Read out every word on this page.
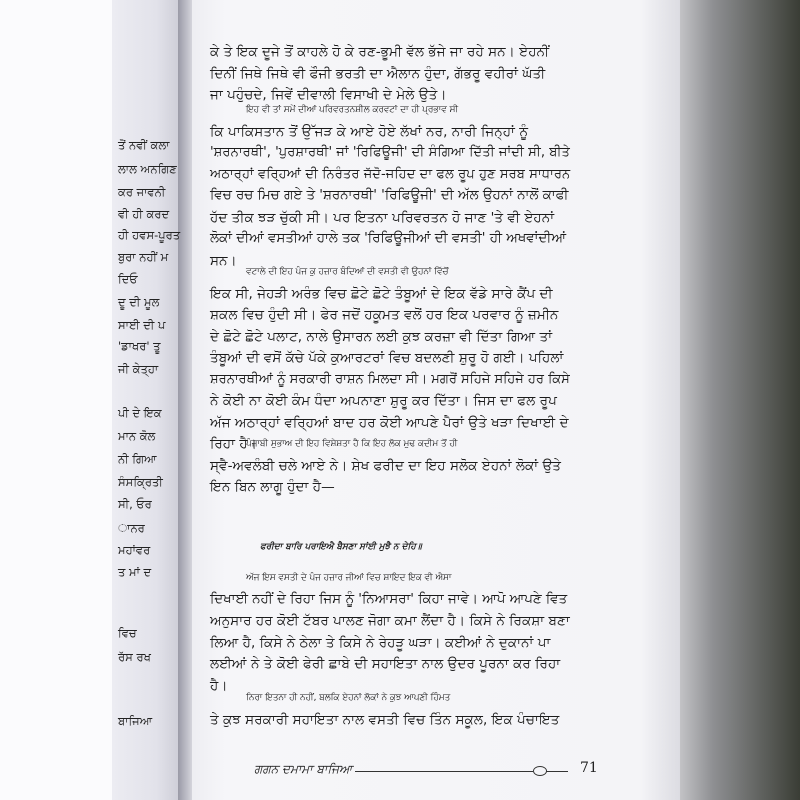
ਤੋਂ ਨਵੀਂ ਕਲਾ
ਲਾਲ ਅਨਗਿਣ
ਕਰ ਜਾਵਨੀ
ਵੀ ਹੀ ਕਰਦ
ਹੀ ਹਵਸ-ਪੂਰਤ
ਬੁਰਾ ਨਹੀਂ ਮ
ਦਿਓ
ਦੂ ਦੀ ਮੂਲ
ਸਾਈ ਦੀ ਪ
'ਡਾਖਰ' ਤੂ
ਜੀ ਕੇਤ੍ਹਾ
ਪੀ ਦੇ ਇਕ
ਮਾਨ ਕੋਲ
ਨੀ ਗਿਆ
ਸੰਸਕ੍ਰਿਤੀ
ਸੀ, ਓਰ
ਾਨਰ
ਮਹਾਂਵਰ
ਤ ਮਾਂ ਦ
ਵਿਚ
ਰੱਸ ਰਖ
ਬਾਜਿਆ
ਕੇ ਤੇ ਇਕ ਦੂਜੇ ਤੋਂ ਕਾਹਲੇ ਹੋ ਕੇ ਰਣ-ਭੂਮੀ ਵੱਲ ਭੱਜੇ ਜਾ ਰਹੇ ਸਨ। ਏਹਨੀਂ
ਦਿਨੀਂ ਜਿਥੇ ਜਿਥੇ ਵੀ ਫੌਜੀ ਭਰਤੀ ਦਾ ਐਲਾਨ ਹੁੰਦਾ, ਗੱਭਰੂ ਵਹੀਰਾਂ ਘੱਤੀ
ਜਾ ਪਹੁੰਚਦੇ, ਜਿਵੇਂ ਦੀਵਾਲੀ ਵਿਸਾਖੀ ਦੇ ਮੇਲੇ ਉਤੇ।
ਇਹ ਵੀ ਤਾਂ ਸਮੇਂ ਦੀਆਂ ਪਰਿਵਰਤਨਸ਼ੀਲ ਕਰਵਟਾਂ ਦਾ ਹੀ ਪ੍ਰਭਾਵ ਸੀ
ਕਿ ਪਾਕਿਸਤਾਨ ਤੋਂ ਉੱਜੜ ਕੇ ਆਏ ਹੋਏ ਲੱਖਾਂ ਨਰ, ਨਾਰੀ ਜਿਨ੍ਹਾਂ ਨੂੰ
'ਸ਼ਰਨਾਰਥੀ', 'ਪੁਰਸ਼ਾਰਥੀ' ਜਾਂ 'ਰਿਫਿਊਜੀ' ਦੀ ਸੰਗਿਆ ਦਿੱਤੀ ਜਾਂਦੀ ਸੀ, ਬੀਤੇ
ਅਠਾਰ੍ਹਾਂ ਵਰ੍ਹਿਆਂ ਦੀ ਨਿਰੰਤਰ ਜੱਦੋ-ਜਹਿਦ ਦਾ ਫਲ ਰੂਪ ਹੁਣ ਸਰਬ ਸਾਧਾਰਨ
ਵਿਚ ਰਚ ਮਿਚ ਗਏ ਤੇ 'ਸ਼ਰਨਾਰਥੀ' 'ਰਿਫਿਊਜੀ' ਦੀ ਅੱਲ ਉਹਨਾਂ ਨਾਲੋਂ ਕਾਫੀ
ਹੱਦ ਤੀਕ ਝੜ ਚੁੱਕੀ ਸੀ। ਪਰ ਇਤਨਾ ਪਰਿਵਰਤਨ ਹੋ ਜਾਣ 'ਤੇ ਵੀ ਏਹਨਾਂ
ਲੋਕਾਂ ਦੀਆਂ ਵਸਤੀਆਂ ਹਾਲੇ ਤਕ 'ਰਿਫਿਊਜੀਆਂ ਦੀ ਵਸਤੀ' ਹੀ ਅਖਵਾਂਦੀਆਂ
ਸਨ।
ਵਟਾਲੇ ਦੀ ਇਹ ਪੰਜ ਕੁ ਹਜ਼ਾਰ ਬੰਦਿਆਂ ਦੀ ਵਸਤੀ ਵੀ ਉਹਨਾਂ ਵਿੱਚੋਂ
ਇਕ ਸੀ, ਜੇਹੜੀ ਅਰੰਭ ਵਿਚ ਛੋਟੇ ਛੋਟੇ ਤੰਬੂਆਂ ਦੇ ਇਕ ਵੱਡੇ ਸਾਰੇ ਕੈਂਪ ਦੀ
ਸ਼ਕਲ ਵਿਚ ਹੁੰਦੀ ਸੀ। ਫੇਰ ਜਦੋਂ ਹਕੂਮਤ ਵਲੋਂ ਹਰ ਇਕ ਪਰਵਾਰ ਨੂੰ ਜ਼ਮੀਨ
ਦੇ ਛੋਟੇ ਛੋਟੇ ਪਲਾਟ, ਨਾਲੇ ਉਸਾਰਨ ਲਈ ਕੁਝ ਕਰਜ਼ਾ ਵੀ ਦਿੱਤਾ ਗਿਆ ਤਾਂ
ਤੰਬੂਆਂ ਦੀ ਵਸੋਂ ਕੱਚੇ ਪੱਕੇ ਕੁਆਰਟਰਾਂ ਵਿਚ ਬਦਲਣੀ ਸ਼ੁਰੂ ਹੋ ਗਈ। ਪਹਿਲਾਂ
ਸ਼ਰਨਾਰਥੀਆਂ ਨੂੰ ਸਰਕਾਰੀ ਰਾਸ਼ਨ ਮਿਲਦਾ ਸੀ। ਮਗਰੋਂ ਸਹਿਜੇ ਸਹਿਜੇ ਹਰ ਕਿਸੇ
ਨੇ ਕੋਈ ਨਾ ਕੋਈ ਕੰਮ ਧੰਦਾ ਅਪਨਾਣਾ ਸ਼ੁਰੂ ਕਰ ਦਿੱਤਾ। ਜਿਸ ਦਾ ਫਲ ਰੂਪ
ਅੱਜ ਅਠਾਰ੍ਹਾਂ ਵਰ੍ਹਿਆਂ ਬਾਦ ਹਰ ਕੋਈ ਆਪਣੇ ਪੈਰਾਂ ਉਤੇ ਖੜਾ ਦਿਖਾਈ ਦੇ
ਰਿਹਾ ਹੈ।
ਪੰਜਾਬੀ ਸੁਭਾਅ ਦੀ ਇਹ ਵਿਸ਼ੇਸ਼ਤਾ ਹੈ ਕਿ ਇਹ ਲੋਕ ਮੁਢ ਕਦੀਮ ਤੋਂ ਹੀ
ਸ੍ਵੈ-ਅਵਲੰਬੀ ਚਲੇ ਆਏ ਨੇ। ਸ਼ੇਖ ਫਰੀਦ ਦਾ ਇਹ ਸਲੋਕ ਏਹਨਾਂ ਲੋਕਾਂ ਉਤੇ
ਇਨ ਬਿਨ ਲਾਗੂ ਹੁੰਦਾ ਹੈ—
ਫਰੀਦਾ ਬਾਰਿ ਪਰਾਇਐ ਬੈਸਣਾ ਸਾਂਈ ਮੁਝੈ ਨ ਦੇਹਿ॥
ਅੱਜ ਇਸ ਵਸਤੀ ਦੇ ਪੰਜ ਹਜ਼ਾਰ ਜੀਆਂ ਵਿਚ ਸ਼ਾਇਦ ਇਕ ਵੀ ਐਸਾ
ਦਿਖਾਈ ਨਹੀਂ ਦੇ ਰਿਹਾ ਜਿਸ ਨੂੰ 'ਨਿਆਸਰਾ' ਕਿਹਾ ਜਾਵੇ। ਆਪੋ ਆਪਣੇ ਵਿਤ
ਅਨੁਸਾਰ ਹਰ ਕੋਈ ਟੱਬਰ ਪਾਲਣ ਜੋਗਾ ਕਮਾ ਲੈਂਦਾ ਹੈ। ਕਿਸੇ ਨੇ ਰਿਕਸ਼ਾ ਬਣਾ
ਲਿਆ ਹੈ, ਕਿਸੇ ਨੇ ਠੇਲਾ ਤੇ ਕਿਸੇ ਨੇ ਰੇਹੜੂ ਘੜਾ। ਕਈਆਂ ਨੇ ਦੁਕਾਨਾਂ ਪਾ
ਲਈਆਂ ਨੇ ਤੇ ਕੋਈ ਫੇਰੀ ਛਾਬੇ ਦੀ ਸਹਾਇਤਾ ਨਾਲ ਉਦਰ ਪੂਰਨਾ ਕਰ ਰਿਹਾ
ਹੈ।
ਨਿਰਾ ਇਤਨਾ ਹੀ ਨਹੀਂ, ਬਲਕਿ ਏਹਨਾਂ ਲੋਕਾਂ ਨੇ ਕੁਝ ਆਪਣੀ ਹਿੰਮਤ
ਤੇ ਕੁਝ ਸਰਕਾਰੀ ਸਹਾਇਤਾ ਨਾਲ ਵਸਤੀ ਵਿਚ ਤਿੰਨ ਸਕੂਲ, ਇਕ ਪੰਚਾਇਤ
ਗਗਨ ਦਮਾਮਾ ਬਾਜਿਆ	71
